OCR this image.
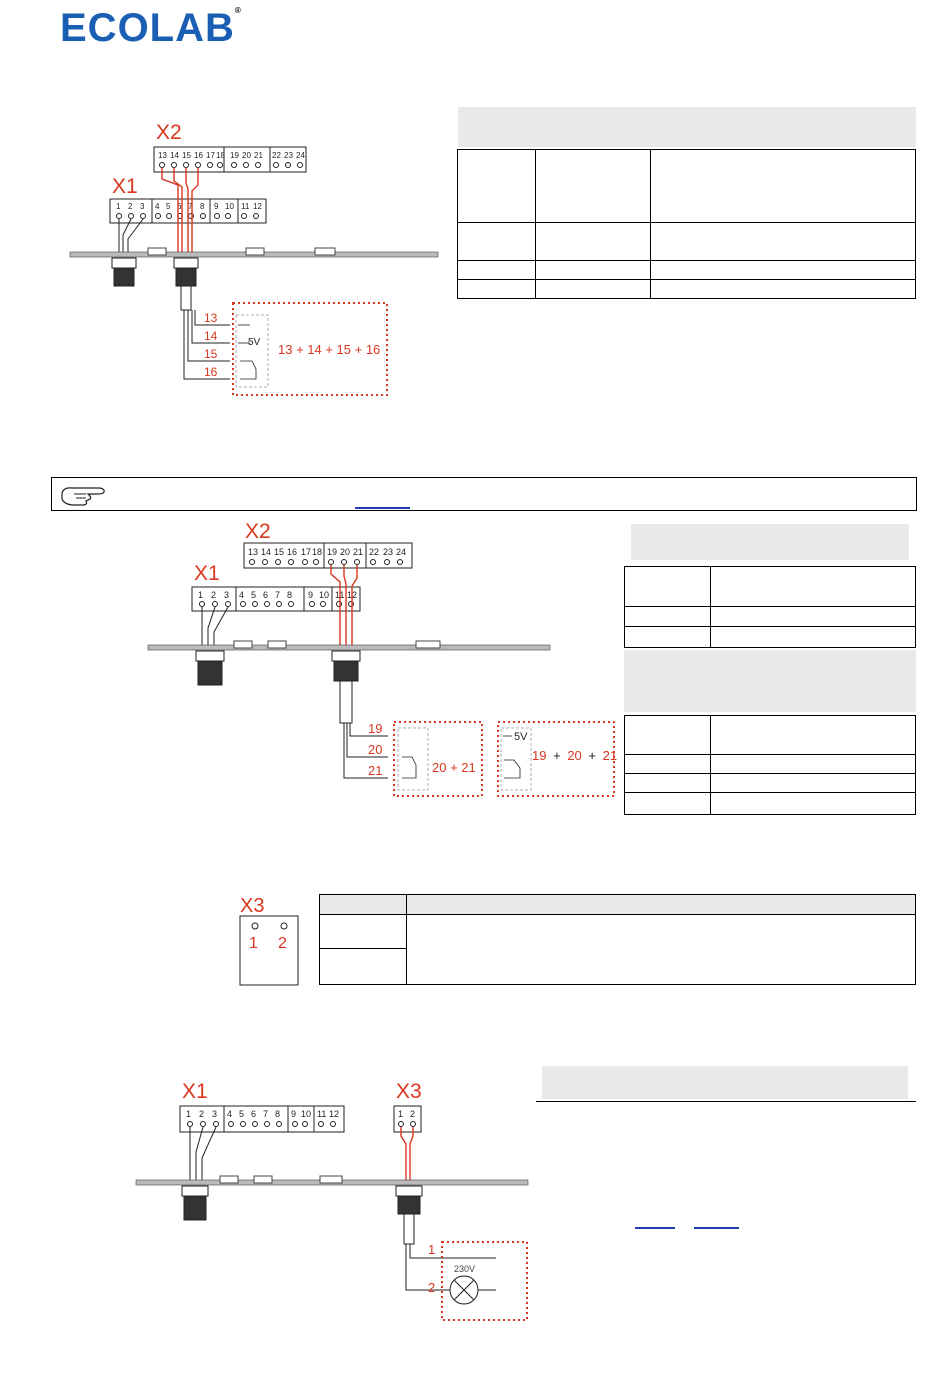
ECOLAB®
X2
X1
13 14 15 16 17 18 19 20 21 22 23 24
1 2 3 4 5 6 7 8 9 10 11 12
13
14
15
16
5V 13 + 14 + 15 + 16

X2
X1
13 14 15 16 17 18 19 20 21 22 23 24
1 2 3 4 5 6 7 8 9 10 11 12
19
20
21	20 + 21
5V
19 + 20 + 21

X3
1 2

X1	X3
1 2 3 4 5 6 7 8 9 10 11 12	1 2
1
2
230V
